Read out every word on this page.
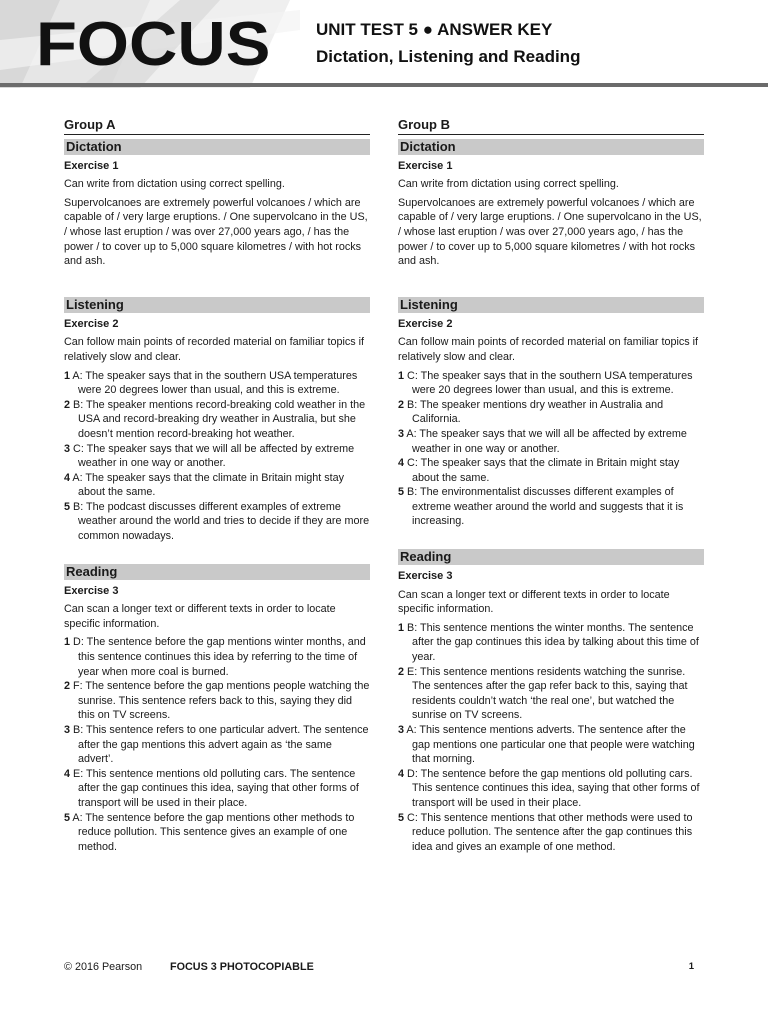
FOCUS	UNIT TEST 5 ● ANSWER KEY
Dictation, Listening and Reading
Group A
Dictation
Exercise 1

Can write from dictation using correct spelling.

Supervolcanoes are extremely powerful volcanoes / which are capable of / very large eruptions. / One supervolcano in the US, / whose last eruption / was over 27,000 years ago, / has the power / to cover up to 5,000 square kilometres / with hot rocks and ash.

Listening
Exercise 2

Can follow main points of recorded material on familiar topics if relatively slow and clear.

1 A: The speaker says that in the southern USA temperatures were 20 degrees lower than usual, and this is extreme.

2 B: The speaker mentions record-breaking cold weather in the USA and record-breaking dry weather in Australia, but she doesn’t mention record-breaking hot weather.

3 C: The speaker says that we will all be affected by extreme weather in one way or another.

4 A: The speaker says that the climate in Britain might stay about the same.

5 B: The podcast discusses different examples of extreme weather around the world and tries to decide if they are more common nowadays.

Reading
Exercise 3

Can scan a longer text or different texts in order to locate specific information.

1 D: The sentence before the gap mentions winter months, and this sentence continues this idea by referring to the time of year when more coal is burned.

2 F: The sentence before the gap mentions people watching the sunrise. This sentence refers back to this, saying they did this on TV screens.

3 B: This sentence refers to one particular advert. The sentence after the gap mentions this advert again as ‘the same advert’.

4 E: This sentence mentions old polluting cars. The sentence after the gap continues this idea, saying that other forms of transport will be used in their place.

5 A: The sentence before the gap mentions other methods to reduce pollution. This sentence gives an example of one method.

Group B
Dictation
Exercise 1

Can write from dictation using correct spelling.

Supervolcanoes are extremely powerful volcanoes / which are capable of / very large eruptions. / One supervolcano in the US, / whose last eruption / was over 27,000 years ago, / has the power / to cover up to 5,000 square kilometres / with hot rocks and ash.

Listening
Exercise 2

Can follow main points of recorded material on familiar topics if relatively slow and clear.

1 C: The speaker says that in the southern USA temperatures were 20 degrees lower than usual, and this is extreme.

2 B: The speaker mentions dry weather in Australia and California.

3 A: The speaker says that we will all be affected by extreme weather in one way or another.

4 C: The speaker says that the climate in Britain might stay about the same.

5 B: The environmentalist discusses different examples of extreme weather around the world and suggests that it is increasing.

Reading
Exercise 3

Can scan a longer text or different texts in order to locate specific information.

1 B: This sentence mentions the winter months. The sentence after the gap continues this idea by talking about this time of year.

2 E: This sentence mentions residents watching the sunrise. The sentences after the gap refer back to this, saying that residents couldn’t watch ‘the real one’, but watched the sunrise on TV screens.

3 A: This sentence mentions adverts. The sentence after the gap mentions one particular one that people were watching that morning.

4 D: The sentence before the gap mentions old polluting cars. This sentence continues this idea, saying that other forms of transport will be used in their place.

5 C: This sentence mentions that other methods were used to reduce pollution. The sentence after the gap continues this idea and gives an example of one method.

© 2016 Pearson	FOCUS 3 PHOTOCOPIABLE	1
